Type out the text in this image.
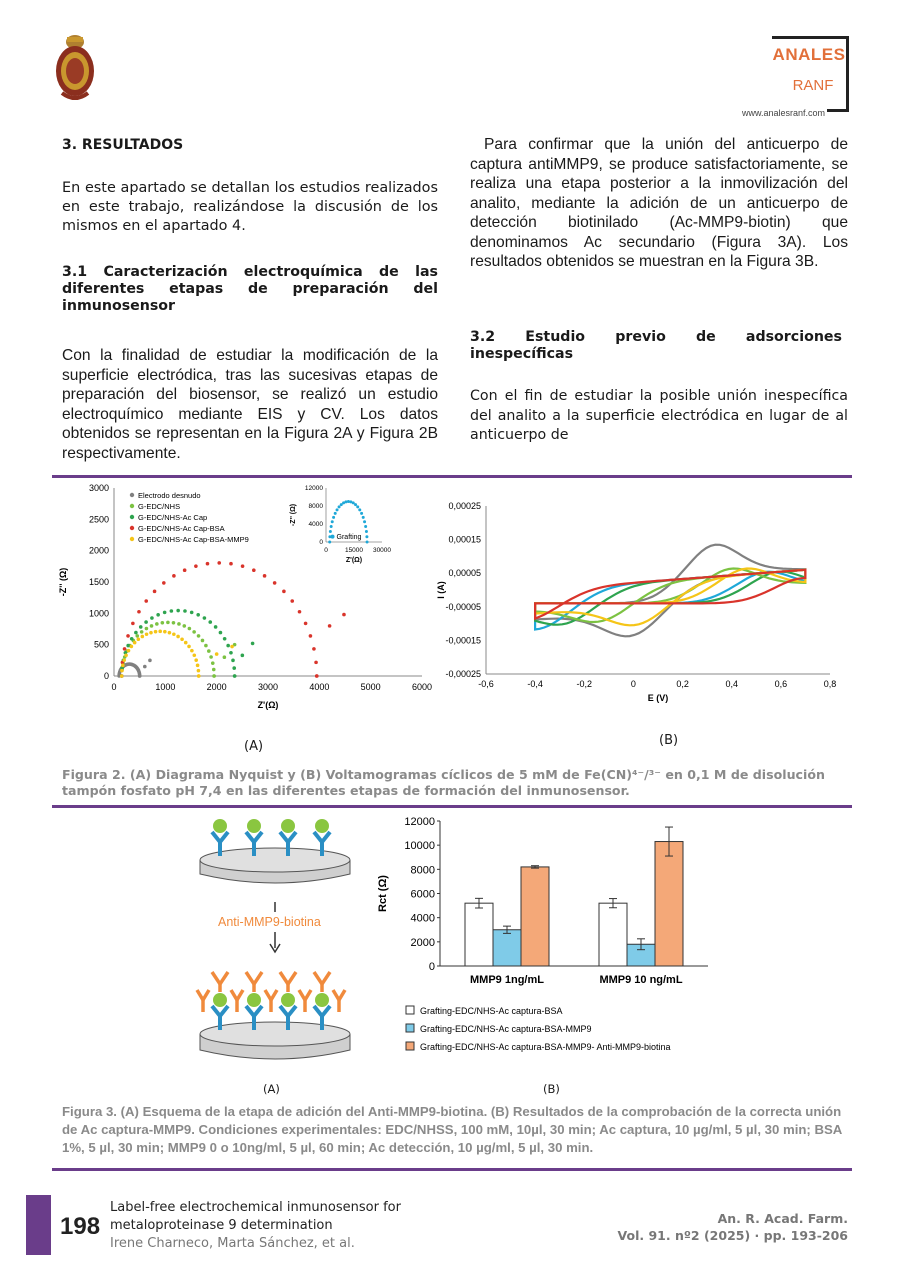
ANALES
RANF
www.analesranf.com
3. RESULTADOS
En este apartado se detallan los estudios realizados en este trabajo, realizándose la discusión de los mismos en el apartado 4.
3.1 Caracterización electroquímica de las diferentes etapas de preparación del inmunosensor
Con la finalidad de estudiar la modificación de la superficie electródica, tras las sucesivas etapas de preparación del biosensor, se realizó un estudio electroquímico mediante EIS y CV. Los datos obtenidos se representan en la Figura 2A y Figura 2B respectivamente.
Para confirmar que la unión del anticuerpo de captura antiMMP9, se produce satisfactoriamente, se realiza una etapa posterior a la inmovilización del analito, mediante la adición de un anticuerpo de detección biotinilado (Ac-MMP9-biotin) que denominamos Ac secundario (Figura 3A). Los resultados obtenidos se muestran en la Figura 3B.
3.2 Estudio previo de adsorciones inespecíficas
Con el fin de estudiar la posible unión inespecífica del analito a la superficie electródica en lugar de al anticuerpo de
0	1000	2000	3000	4000	5000	6000
0
500
1000
1500
2000
2500
3000
Z'(Ω)
-Z'' (Ω)
Electrodo desnudo
G-EDC/NHS
G-EDC/NHS-Ac Cap
G-EDC/NHS-Ac Cap-BSA
G-EDC/NHS-Ac Cap-BSA-MMP9
0	15000 30000
0
4000
8000
12000
Z'(Ω)
-Z'' (Ω)
Grafting
(A)
-0,6	-0,4	-0,2	0	0,2	0,4	0,6	0,8
-0,00025
-0,00015
-0,00005
0,00005
0,00015
0,00025
E (V)
I (A)
(B)
Figura 2. (A) Diagrama Nyquist y (B) Voltamogramas cíclicos de 5 mM de Fe(CN)⁴⁻/³⁻ en 0,1 M de disolución tampón fosfato pH 7,4 en las diferentes etapas de formación del inmunosensor.
Anti-MMP9-biotina
(A)
0
2000
4000
6000
8000
10000
12000
Rct (Ω)
MMP9 1ng/mL	MMP9 10 ng/mL
Grafting-EDC/NHS-Ac captura-BSA
Grafting-EDC/NHS-Ac captura-BSA-MMP9
Grafting-EDC/NHS-Ac captura-BSA-MMP9- Anti-MMP9-biotina
(B)
Figura 3. (A) Esquema de la etapa de adición del Anti-MMP9-biotina. (B) Resultados de la comprobación de la correcta unión de Ac captura-MMP9. Condiciones experimentales: EDC/NHSS, 100 mM, 10µl, 30 min; Ac captura, 10 µg/ml, 5 µl, 30 min; BSA 1%, 5 µl, 30 min; MMP9 0 o 10ng/ml, 5 µl, 60 min; Ac detección, 10 µg/ml, 5 µl, 30 min.
198
Label-free electrochemical inmunosensor for
metaloproteinase 9 determination
Irene Charneco, Marta Sánchez, et al.
An. R. Acad. Farm.
Vol. 91. nº2 (2025) · pp. 193-206
